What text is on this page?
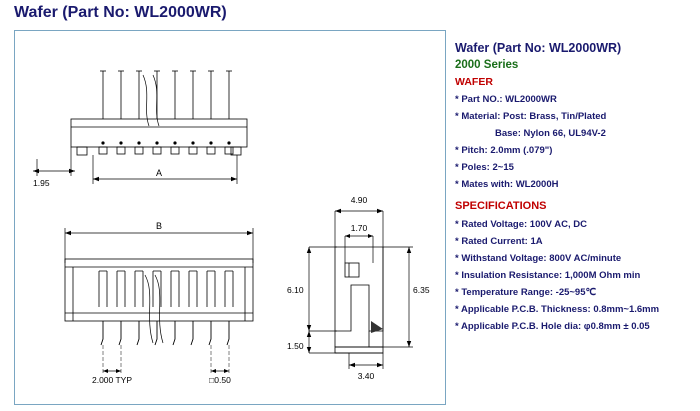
Wafer (Part No: WL2000WR)
1.95
A
B
2.000 TYP	□0.50
4.90
1.70
6.10	6.35
1.50
3.40
Wafer (Part No: WL2000WR)
2000 Series
WAFER
* Part NO.: WL2000WR
* Material: Post: Brass, Tin/Plated
Base: Nylon 66, UL94V-2
* Pitch: 2.0mm (.079")
* Poles: 2~15
* Mates with: WL2000H
SPECIFICATIONS
* Rated Voltage: 100V AC, DC
* Rated Current: 1A
* Withstand Voltage: 800V AC/minute
* Insulation Resistance: 1,000M Ohm min
* Temperature Range: -25~95℃
* Applicable P.C.B. Thickness: 0.8mm~1.6mm
* Applicable P.C.B. Hole dia: φ0.8mm ± 0.05
